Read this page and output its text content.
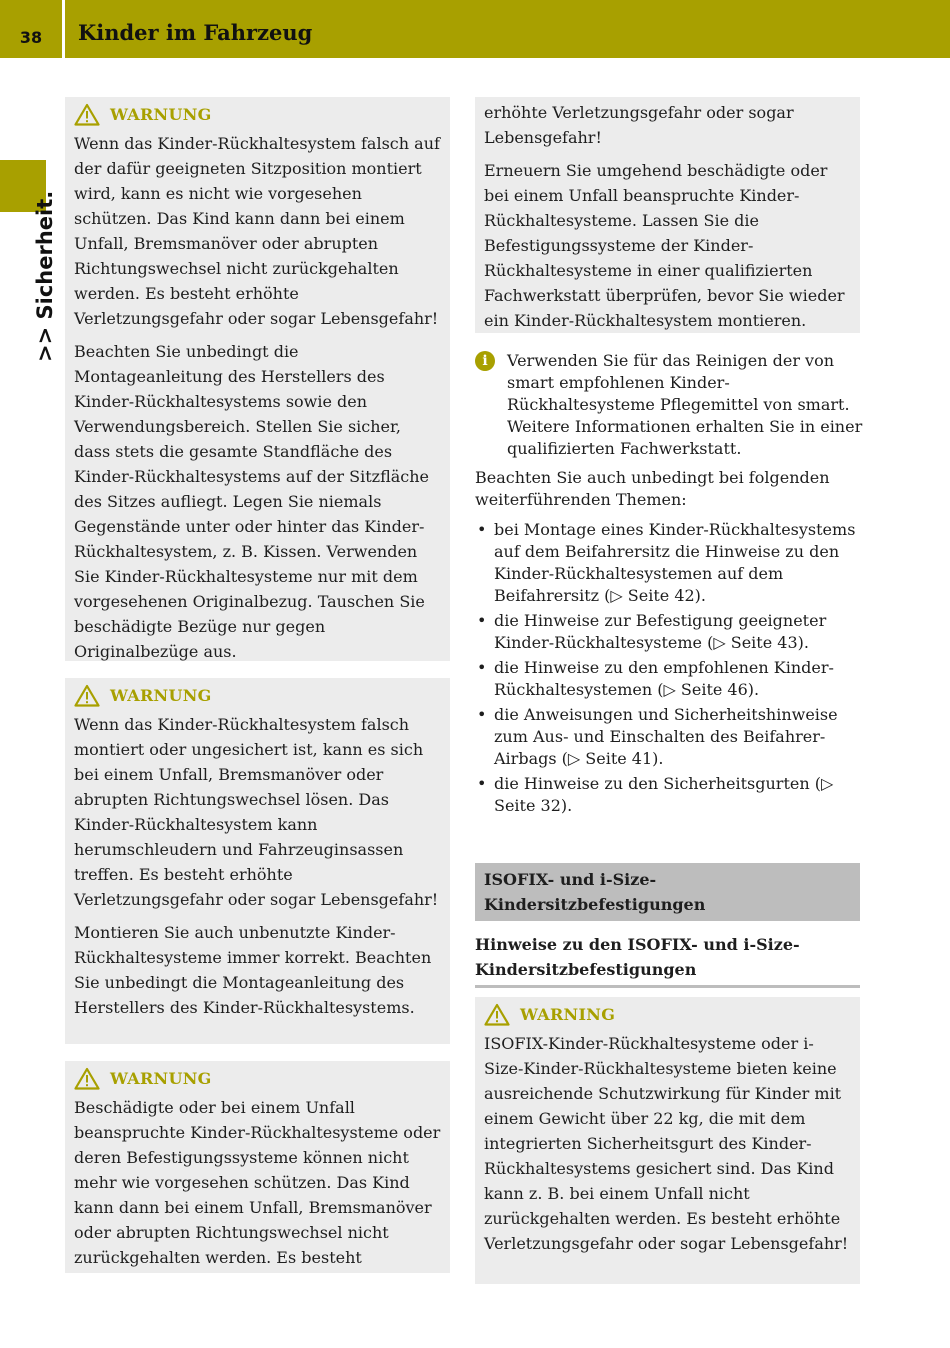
38	Kinder im Fahrzeug
>> Sicherheit.
WARNUNG

Wenn das Kinder-Rückhaltesystem falsch auf der dafür geeigneten Sitzposition montiert wird, kann es nicht wie vorgesehen schützen. Das Kind kann dann bei einem Unfall, Bremsmanöver oder abrupten Richtungswechsel nicht zurückgehalten werden. Es besteht erhöhte Verletzungsgefahr oder sogar Lebensgefahr!

Beachten Sie unbedingt die Montageanleitung des Herstellers des Kinder-Rückhaltesystems sowie den Verwendungsbereich. Stellen Sie sicher, dass stets die gesamte Standfläche des Kinder-Rückhaltesystems auf der Sitzfläche des Sitzes aufliegt. Legen Sie niemals Gegenstände unter oder hinter das Kinder-Rückhaltesystem, z. B. Kissen. Verwenden Sie Kinder-Rückhaltesysteme nur mit dem vorgesehenen Originalbezug. Tauschen Sie beschädigte Bezüge nur gegen Originalbezüge aus.

WARNUNG

Wenn das Kinder-Rückhaltesystem falsch montiert oder ungesichert ist, kann es sich bei einem Unfall, Bremsmanöver oder abrupten Richtungswechsel lösen. Das Kinder-Rückhaltesystem kann herumschleudern und Fahrzeuginsassen treffen. Es besteht erhöhte Verletzungsgefahr oder sogar Lebensgefahr!

Montieren Sie auch unbenutzte Kinder-Rückhaltesysteme immer korrekt. Beachten Sie unbedingt die Montageanleitung des Herstellers des Kinder-Rückhaltesystems.

WARNUNG

Beschädigte oder bei einem Unfall beanspruchte Kinder-Rückhaltesysteme oder deren Befestigungssysteme können nicht mehr wie vorgesehen schützen. Das Kind kann dann bei einem Unfall, Bremsmanöver oder abrupten Richtungswechsel nicht zurückgehalten werden. Es besteht

erhöhte Verletzungsgefahr oder sogar Lebensgefahr!

Erneuern Sie umgehend beschädigte oder bei einem Unfall beanspruchte Kinder-Rückhaltesysteme. Lassen Sie die Befestigungssysteme der Kinder-Rückhaltesysteme in einer qualifizierten Fachwerkstatt überprüfen, bevor Sie wieder ein Kinder-Rückhaltesystem montieren.

i	Verwenden Sie für das Reinigen der von smart empfohlenen Kinder-Rückhaltesysteme Pflegemittel von smart. Weitere Informationen erhalten Sie in einer qualifizierten Fachwerkstatt.

Beachten Sie auch unbedingt bei folgenden weiterführenden Themen:

• bei Montage eines Kinder-Rückhaltesystems auf dem Beifahrersitz die Hinweise zu den Kinder-Rückhaltesystemen auf dem Beifahrersitz (▷ Seite 42).
• die Hinweise zur Befestigung geeigneter Kinder-Rückhaltesysteme (▷ Seite 43).
• die Hinweise zu den empfohlenen Kinder-Rückhaltesystemen (▷ Seite 46).
• die Anweisungen und Sicherheitshinweise zum Aus- und Einschalten des Beifahrer-Airbags (▷ Seite 41).
• die Hinweise zu den Sicherheitsgurten (▷ Seite 32).
ISOFIX- und i-Size-Kindersitzbefestigungen
Hinweise zu den ISOFIX- und i-Size-Kindersitzbefestigungen
WARNING

ISOFIX-Kinder-Rückhaltesysteme oder i-Size-Kinder-Rückhaltesysteme bieten keine ausreichende Schutzwirkung für Kinder mit einem Gewicht über 22 kg, die mit dem integrierten Sicherheitsgurt des Kinder-Rückhaltesystems gesichert sind. Das Kind kann z. B. bei einem Unfall nicht zurückgehalten werden. Es besteht erhöhte Verletzungsgefahr oder sogar Lebensgefahr!
